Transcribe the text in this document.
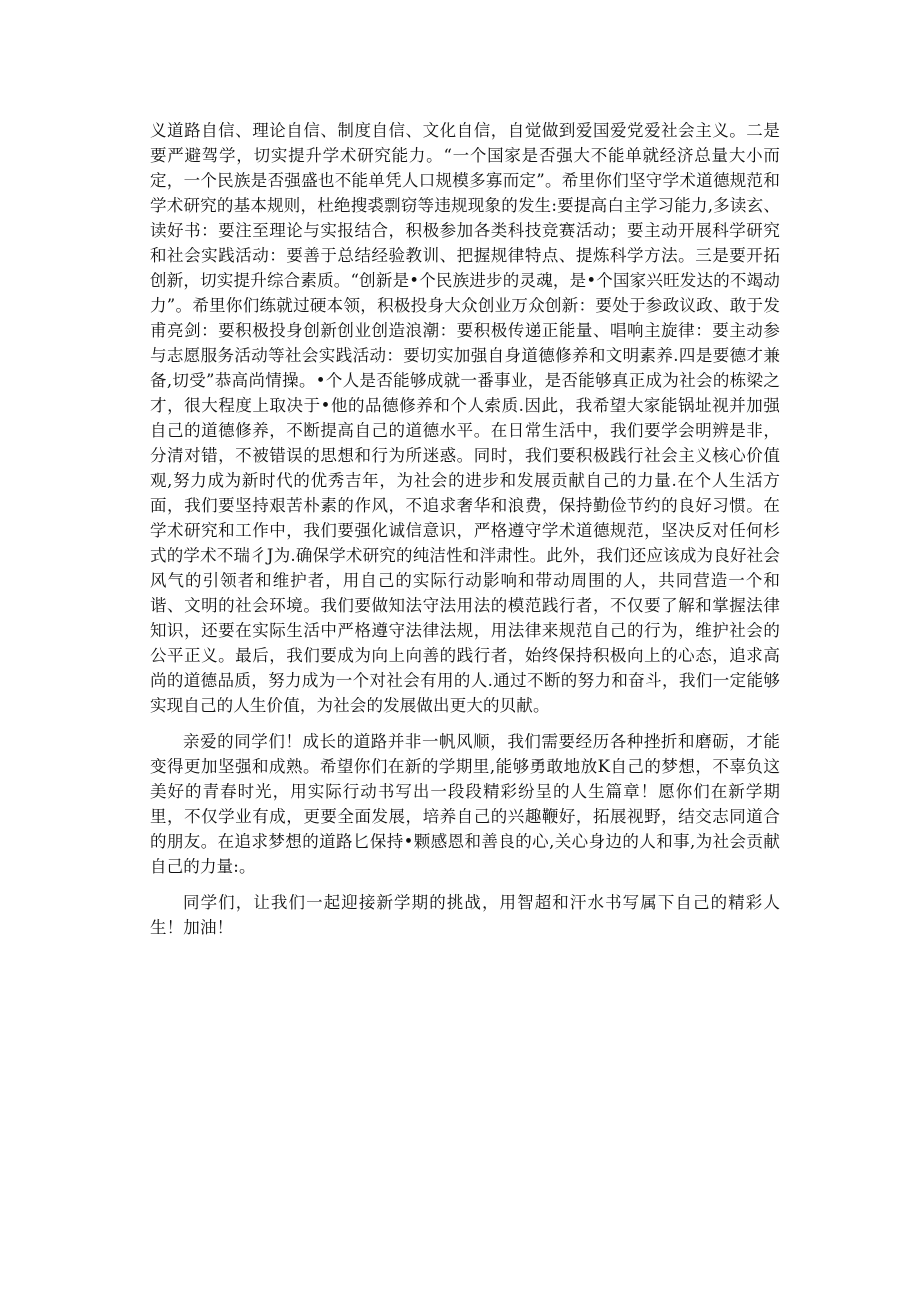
义道路自信、理论自信、制度自信、文化自信，自觉做到爱国爱党爱社会主义。二是要严避驾学，切实提升学术研究能力。“一个国家是否强大不能单就经济总量大小而定，一个民族是否强盛也不能单凭人口规模多寡而定”。希里你们坚守学术道德规范和学术研究的基本规则，杜绝搜裘剽窃等违规现象的发生:要提高白主学习能力,多读玄、读好书：要注至理论与实报结合，积极参加各类科技竞赛活动；要主动开展科学研究和社会实践活动：要善于总结经验教训、把握规律特点、提炼科学方法。三是要开拓创新，切实提升综合素质。“创新是•个民族进步的灵魂，是•个国家兴旺发达的不竭动力”。希里你们练就过硬本领，积极投身大众创业万众创新：要处于参政议政、敢于发甫亮剑：要积极投身创新创业创造浪潮：要积极传递正能量、唱响主旋律：要主动参与志愿服务活动等社会实践活动：要切实加强自身道德修养和文明素养.四是要德才兼备,切受”恭高尚情操。•个人是否能够成就一番事业，是否能够真正成为社会的栋梁之才，很大程度上取决于•他的品德修养和个人索质.因此，我希望大家能锅址视并加强自己的道德修养，不断提高自己的道德水平。在日常生活中，我们要学会明辨是非，分清对错，不被错误的思想和行为所迷惑。同时，我们要积极践行社会主义核心价值观,努力成为新时代的优秀吉年，为社会的进步和发展贡献自己的力量.在个人生活方面，我们要坚持艰苦朴素的作风，不追求奢华和浪费，保持勤俭节约的良好习惯。在学术研究和工作中，我们要强化诚信意识，严格遵守学术道德规范，坚决反对任何杉式的学术不瑞彳J为.确保学术研究的纯洁性和泮肃性。此外，我们还应该成为良好社会风气的引领者和维护者，用自己的实际行动影响和带动周围的人，共同营造一个和谐、文明的社会环境。我们要做知法守法用法的模范践行者，不仅要了解和掌握法律知识，还要在实际生活中严格遵守法律法规，用法律来规范自己的行为，维护社会的公平正义。最后，我们要成为向上向善的践行者，始终保持积极向上的心态，追求高尚的道德品质，努力成为一个对社会有用的人.通过不断的努力和奋斗，我们一定能够实现自己的人生价值，为社会的发展做出更大的贝献。

亲爱的同学们！成长的道路并非一帆风顺，我们需要经历各种挫折和磨砺，才能变得更加坚强和成熟。希望你们在新的学期里,能够勇敢地放K自己的梦想，不辜负这美好的青春时光，用实际行动书写出一段段精彩纷呈的人生篇章！愿你们在新学期里，不仅学业有成，更要全面发展，培养自己的兴趣鞭好，拓展视野，结交志同道合的朋友。在追求梦想的道路匕保持•颗感恩和善良的心,关心身边的人和事,为社会贡献自己的力量:。

同学们，让我们一起迎接新学期的挑战，用智超和汗水书写属下自己的精彩人生！加油！
